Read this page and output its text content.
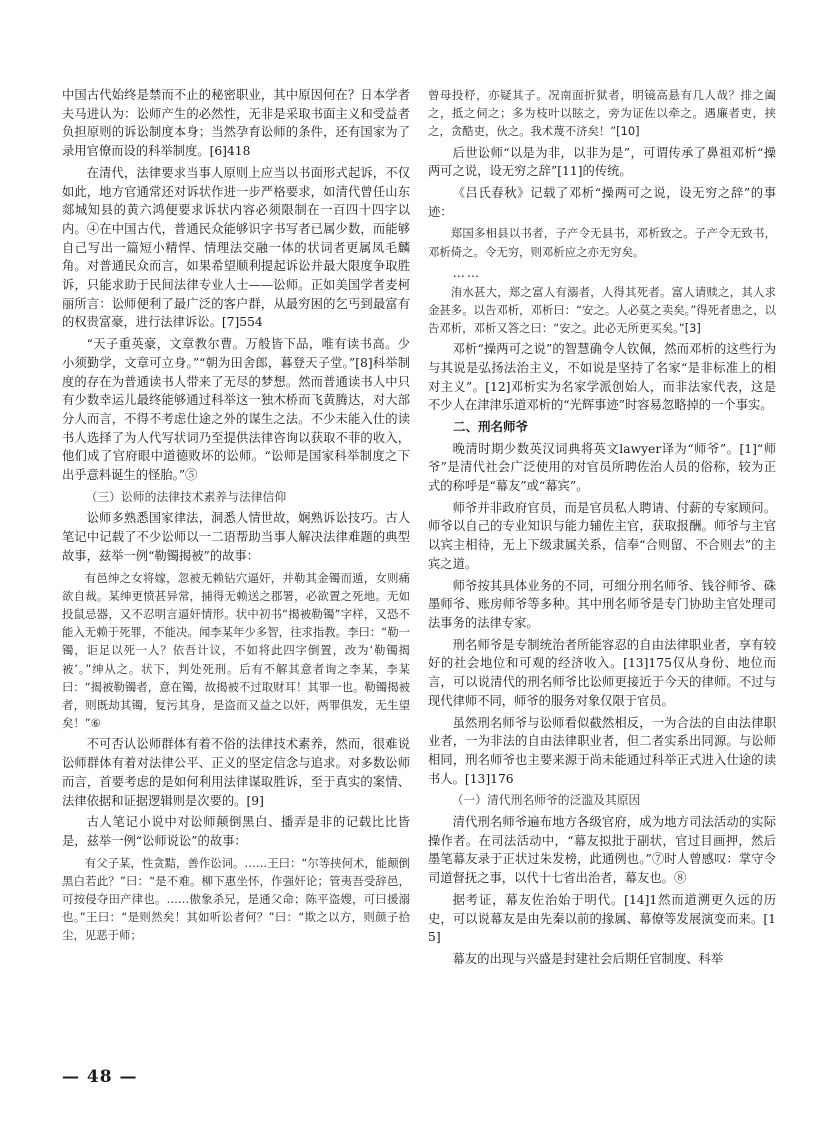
中国古代始终是禁而不止的秘密职业，其中原因何在？日本学者夫马进认为：讼师产生的必然性，无非是采取书面主义和受益者负担原则的诉讼制度本身；当然孕育讼师的条件，还有国家为了录用官僚而设的科举制度。[6]418

在清代，法律要求当事人原则上应当以书面形式起诉，不仅如此，地方官通常还对诉状作进一步严格要求，如清代曾任山东郯城知县的黄六鸿便要求诉状内容必须限制在一百四十四字以内。④在中国古代，普通民众能够识字书写者已属少数，而能够自己写出一篇短小精悍、情理法交融一体的状词者更属凤毛麟角。对普通民众而言，如果希望顺利提起诉讼并最大限度争取胜诉，只能求助于民间法律专业人士——讼师。正如美国学者麦柯丽所言：讼师便利了最广泛的客户群，从最穷困的乞丐到最富有的权贵富豪，进行法律诉讼。[7]554

“天子重英豪，文章教尔曹。万般皆下品，唯有读书高。少小须勤学，文章可立身。”“朝为田舍郎，暮登天子堂。”[8]科举制度的存在为普通读书人带来了无尽的梦想。然而普通读书人中只有少数幸运儿最终能够通过科举这一独木桥而飞黄腾达，对大部分人而言，不得不考虑仕途之外的谋生之法。不少未能入仕的读书人选择了为人代写状词乃至提供法律咨询以获取不菲的收入，他们成了官府眼中道德败坏的讼师。“讼师是国家科举制度之下出乎意料诞生的怪胎。”⑤

（三）讼师的法律技术素养与法律信仰

讼师多熟悉国家律法，洞悉人情世故，娴熟诉讼技巧。古人笔记中记载了不少讼师以一二语帮助当事人解决法律难题的典型故事，兹举一例“勒镯揭被”的故事：

有邑绅之女将嫁，忽被无赖钻穴逼奸，并勒其金镯而遁，女则痛欲自裁。某绅更愤甚异常，捕得无赖送之郡署，必欲置之死地。无如投鼠忌器，又不忍明言逼奸情形。状中初书“揭被勒镯”字样，又恐不能入无赖于死罪，不能决。闻李某年少多智，往求指教。李曰：“勒一镯，讵足以死一人？依吾计议，不如将此四字倒置，改为‘勒镯揭被’。”绅从之。状下，判处死刑。后有不解其意者询之李某，李某曰：“揭被勒镯者，意在镯，故揭被不过取财耳！其罪一也。勒镯揭被者，则既劫其镯，复污其身，是盗而又益之以奸，两罪俱发，无生望矣！”⑥

不可否认讼师群体有着不俗的法律技术素养，然而，很难说讼师群体有着对法律公平、正义的坚定信念与追求。对多数讼师而言，首要考虑的是如何利用法律谋取胜诉，至于真实的案情、法律依据和证据逻辑则是次要的。[9]

古人笔记小说中对讼师颠倒黑白、播弄是非的记载比比皆是，兹举一例“讼师说讼”的故事：

有父子某，性贪黠，善作讼词。……王曰：“尔等挟何术，能颠倒黑白若此？”曰：“是不难。柳下惠坐怀，作强奸论；管夷吾受辞邑，可按侵夺田产律也。……傲象杀兄，是通父命；陈平盗嫂，可曰援溺也。”王曰：“是则然矣！其如听讼者何？”曰：“欺之以方，则颜子拾尘，见恶于师；

曾母投杼，亦疑其子。况南面折狱者，明镜高悬有几人哉？排之阖之，抵之伺之；多为枝叶以眩之，旁为证佐以牵之。遇廉者吏，挟之，贪酷吏，伙之。我术蔑不济矣！”[10]

后世讼师“以是为非，以非为是”，可谓传承了鼻祖邓析“操两可之说，设无穷之辞”[11]的传统。

《吕氏春秋》记载了邓析“操两可之说，设无穷之辞”的事迹：

郑国多相县以书者，子产令无县书，邓析致之。子产令无致书，邓析倚之。令无穷，则邓析应之亦无穷矣。

……

洧水甚大，郑之富人有溺者，人得其死者。富人请赎之，其人求金甚多。以告邓析，邓析曰：“安之。人必莫之卖矣。”得死者患之，以告邓析，邓析又答之曰：“安之。此必无所更买矣。”[3]

邓析“操两可之说”的智慧确令人钦佩，然而邓析的这些行为与其说是弘扬法治主义，不如说是坚持了名家“是非标准上的相对主义”。[12]邓析实为名家学派创始人，而非法家代表，这是不少人在津津乐道邓析的“光辉事迹”时容易忽略掉的一个事实。

二、刑名师爷

晚清时期少数英汉词典将英文lawyer译为“师爷”。[1]“师爷”是清代社会广泛使用的对官员所聘佐治人员的俗称，较为正式的称呼是“幕友”或“幕宾”。

师爷并非政府官员，而是官员私人聘请、付薪的专家顾问。师爷以自己的专业知识与能力辅佐主官，获取报酬。师爷与主官以宾主相待，无上下级隶属关系，信奉“合则留、不合则去”的主宾之道。

师爷按其具体业务的不同，可细分刑名师爷、钱谷师爷、硃墨师爷、账房师爷等多种。其中刑名师爷是专门协助主官处理司法事务的法律专家。

刑名师爷是专制统治者所能容忍的自由法律职业者，享有较好的社会地位和可观的经济收入。[13]175仅从身份、地位而言，可以说清代的刑名师爷比讼师更接近于今天的律师。不过与现代律师不同，师爷的服务对象仅限于官员。

虽然刑名师爷与讼师看似截然相反，一为合法的自由法律职业者，一为非法的自由法律职业者，但二者实系出同源。与讼师相同，刑名师爷也主要来源于尚未能通过科举正式进入仕途的读书人。[13]176

（一）清代刑名师爷的泛滥及其原因

清代刑名师爷遍布地方各级官府，成为地方司法活动的实际操作者。在司法活动中，“幕友拟批于副状，官过目画押，然后墨笔幕友录于正状过朱发榜，此通例也。”⑦时人曾感叹：掌守令司道督抚之事，以代十七省出治者，幕友也。⑧

据考证，幕友佐治始于明代。[14]1然而道溯更久远的历史，可以说幕友是由先秦以前的掾属、幕僚等发展演变而来。[15]

幕友的出现与兴盛是封建社会后期任官制度、科举

— 48 —
